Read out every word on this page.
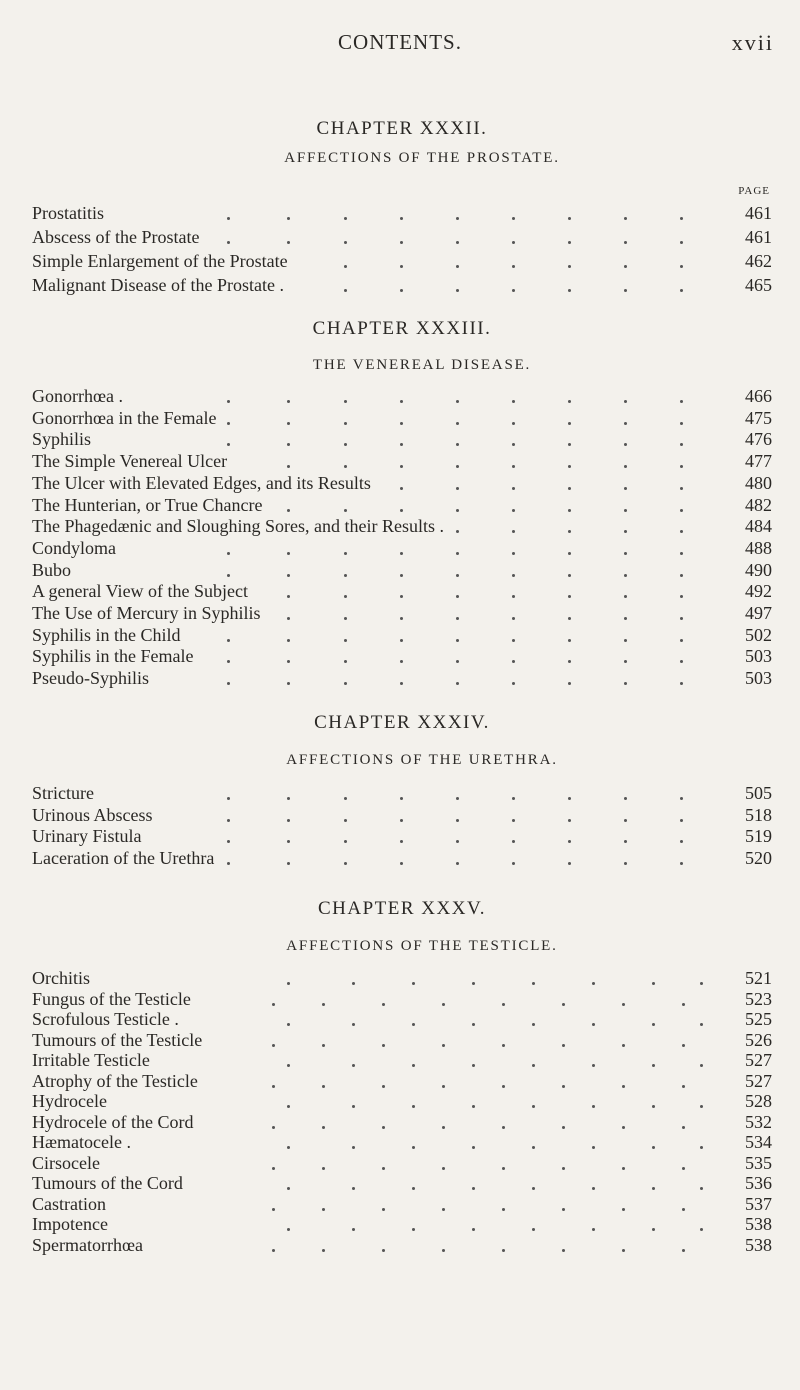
CONTENTS.	xvii
CHAPTER XXXII.
AFFECTIONS OF THE PROSTATE.
PAGE
Prostatitis	461
Abscess of the Prostate	461
Simple Enlargement of the Prostate	462
Malignant Disease of the Prostate .	465
CHAPTER XXXIII.
THE VENEREAL DISEASE.
Gonorrhœa .	466
Gonorrhœa in the Female	475
Syphilis	476
The Simple Venereal Ulcer	477
The Ulcer with Elevated Edges, and its Results	480
The Hunterian, or True Chancre	482
The Phagedænic and Sloughing Sores, and their Results .	484
Condyloma	488
Bubo	490
A general View of the Subject	492
The Use of Mercury in Syphilis	497
Syphilis in the Child	502
Syphilis in the Female	503
Pseudo-Syphilis	503
CHAPTER XXXIV.
AFFECTIONS OF THE URETHRA.
Stricture	505
Urinous Abscess	518
Urinary Fistula	519
Laceration of the Urethra	520
CHAPTER XXXV.
AFFECTIONS OF THE TESTICLE.
Orchitis	521
Fungus of the Testicle	523
Scrofulous Testicle .	525
Tumours of the Testicle	526
Irritable Testicle	527
Atrophy of the Testicle	527
Hydrocele	528
Hydrocele of the Cord	532
Hæmatocele .	534
Cirsocele	535
Tumours of the Cord	536
Castration	537
Impotence	538
Spermatorrhœa	538
